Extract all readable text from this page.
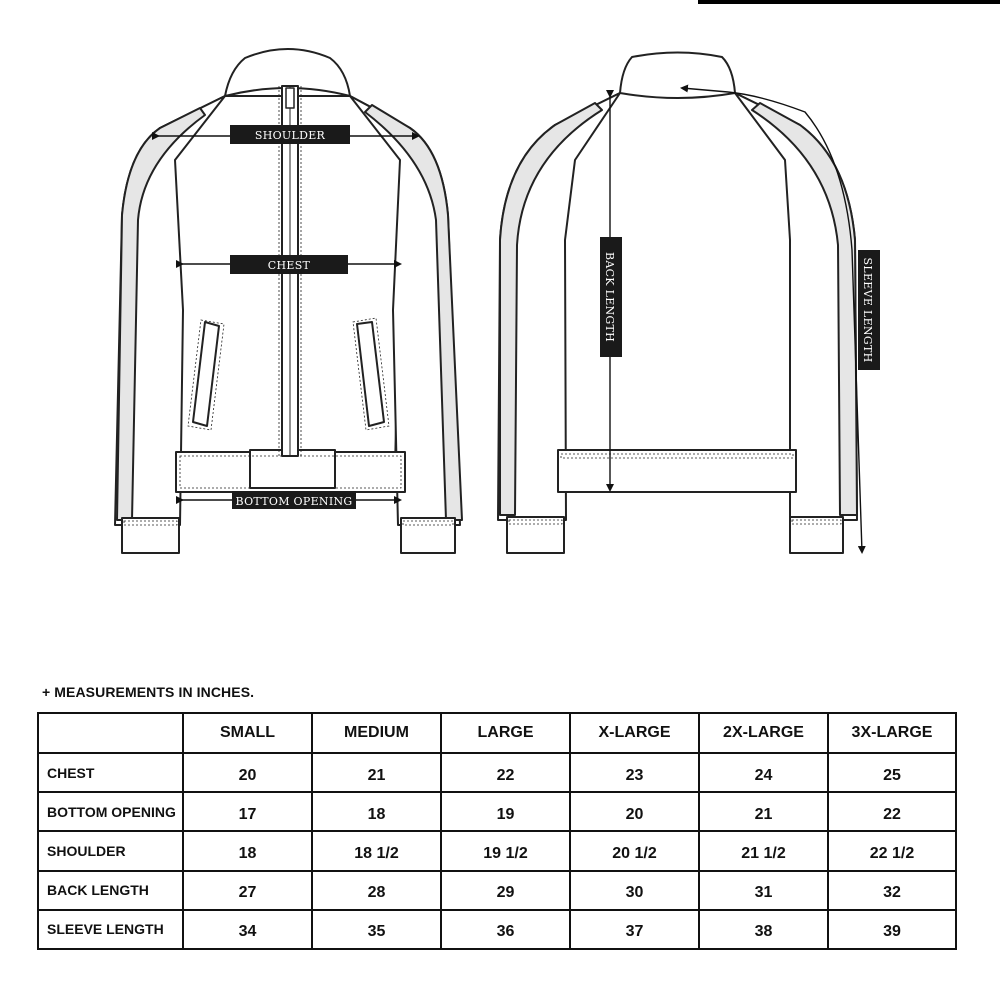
SHOULDER
CHEST
BOTTOM OPENING
BACK LENGTH	SLEEVE LENGTH
+ MEASUREMENTS IN INCHES.
	SMALL	MEDIUM	LARGE	X-LARGE	2X-LARGE	3X-LARGE
CHEST	20	21	22	23	24	25
BOTTOM OPENING	17	18	19	20	21	22
SHOULDER	18	18 1/2	19 1/2	20 1/2	21 1/2	22 1/2
BACK LENGTH	27	28	29	30	31	32
SLEEVE LENGTH	34	35	36	37	38	39
